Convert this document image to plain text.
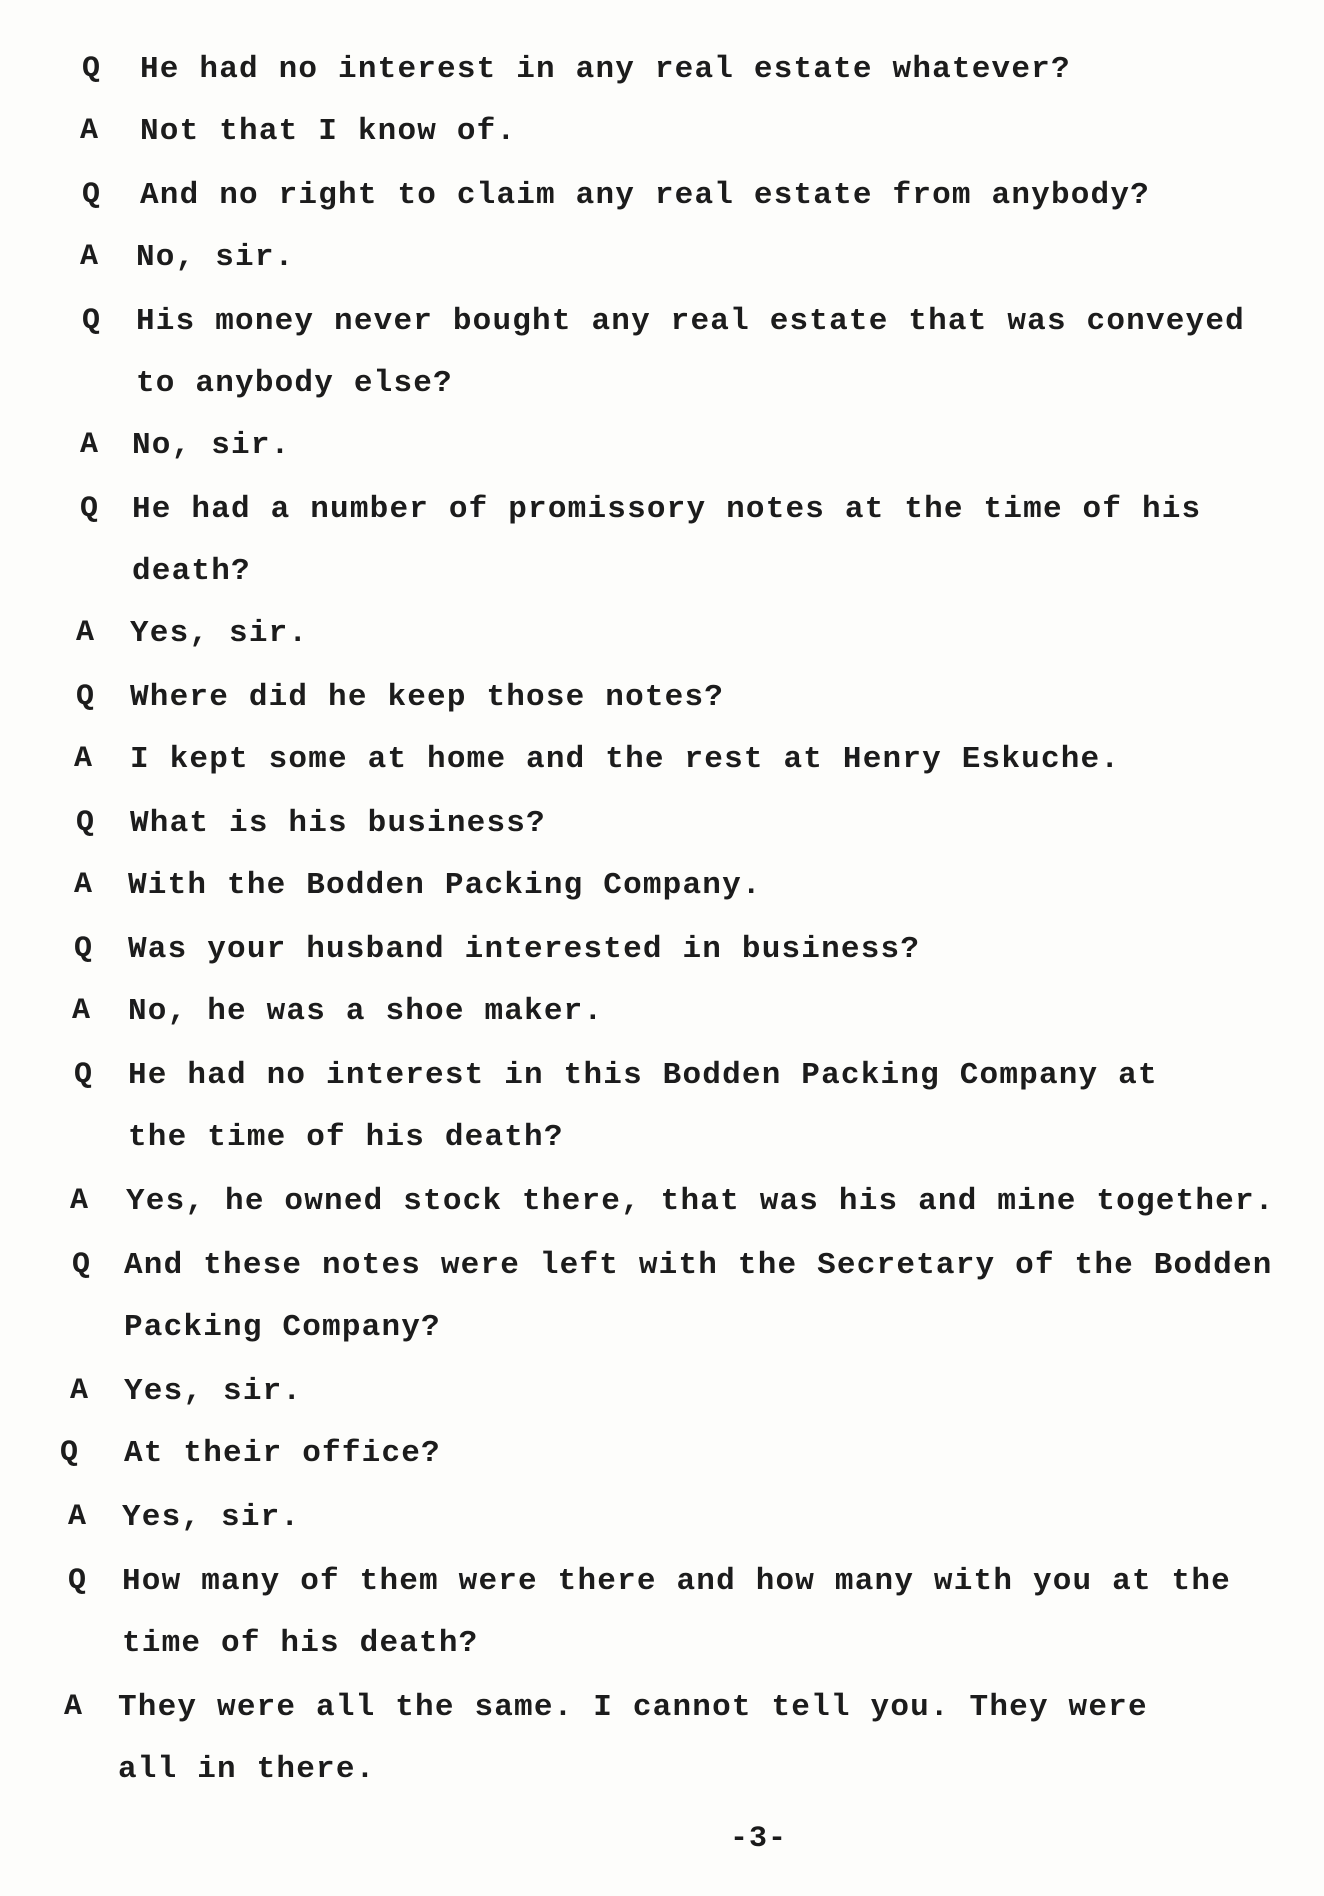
Q He had no interest in any real estate whatever?
A Not that I know of.
Q And no right to claim any real estate from anybody?
A No, sir.
Q His money never bought any real estate that was conveyed
to anybody else?
A No, sir.
Q He had a number of promissory notes at the time of his
death?
A Yes, sir.
Q Where did he keep those notes?
A I kept some at home and the rest at Henry Eskuche.
Q What is his business?
A With the Bodden Packing Company.
Q Was your husband interested in business?
A No, he was a shoe maker.
Q He had no interest in this Bodden Packing Company at
the time of his death?
A Yes, he owned stock there, that was his and mine together.
Q And these notes were left with the Secretary of the Bodden
Packing Company?
A Yes, sir.
Q At their office?
A Yes, sir.
Q How many of them were there and how many with you at the
time of his death?
A They were all the same. I cannot tell you. They were
all in there.
-3-
